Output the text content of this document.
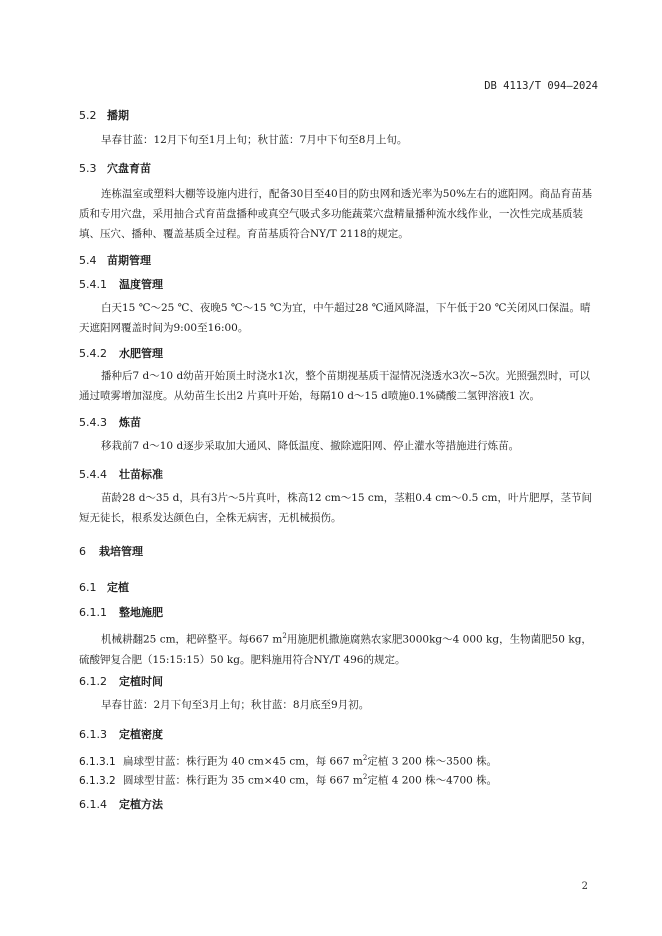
DB 4113/T 094—2024
5.2 播期
早春甘蓝：12月下旬至1月上旬；秋甘蓝：7月中下旬至8月上旬。
5.3 穴盘育苗
连栋温室或塑料大棚等设施内进行，配备30目至40目的防虫网和透光率为50%左右的遮阳网。商品育苗基质和专用穴盘，采用抽合式育苗盘播种或真空气吸式多功能蔬菜穴盘精量播种流水线作业，一次性完成基质装填、压穴、播种、覆盖基质全过程。育苗基质符合NY/T 2118的规定。
5.4 苗期管理
5.4.1 温度管理
白天15 ℃～25 ℃、夜晚5 ℃～15 ℃为宜，中午超过28 ℃通风降温，下午低于20 ℃关闭风口保温。晴天遮阳网覆盖时间为9:00至16:00。
5.4.2 水肥管理
播种后7 d～10 d幼苗开始顶土时浇水1次，整个苗期视基质干湿情况浇透水3次~5次。光照强烈时，可以通过喷雾增加湿度。从幼苗生长出2 片真叶开始，每隔10 d～15 d喷施0.1%磷酸二氢钾溶液1 次。
5.4.3 炼苗
移栽前7 d～10 d逐步采取加大通风、降低温度、撤除遮阳网、停止灌水等措施进行炼苗。
5.4.4 壮苗标准
苗龄28 d～35 d，具有3片～5片真叶，株高12 cm～15 cm，茎粗0.4 cm～0.5 cm，叶片肥厚，茎节间短无徒长，根系发达颜色白，全株无病害，无机械损伤。
6 栽培管理
6.1 定植
6.1.1 整地施肥
机械耕翻25 cm，耙碎整平。每667 $m^2$用施肥机撒施腐熟农家肥3000kg～4 000 kg，生物菌肥50 kg，硫酸钾复合肥（15:15:15）50 kg。肥料施用符合NY/T 496的规定。
6.1.2 定植时间
早春甘蓝：2月下旬至3月上旬；秋甘蓝：8月底至9月初。
6.1.3 定植密度
6.1.3.1 扁球型甘蓝：株行距为 40 cm×45 cm，每 667 $m^2$定植 3 200 株～3500 株。
6.1.3.2 圆球型甘蓝：株行距为 35 cm×40 cm，每 667 $m^2$定植 4 200 株～4700 株。
6.1.4 定植方法
2
